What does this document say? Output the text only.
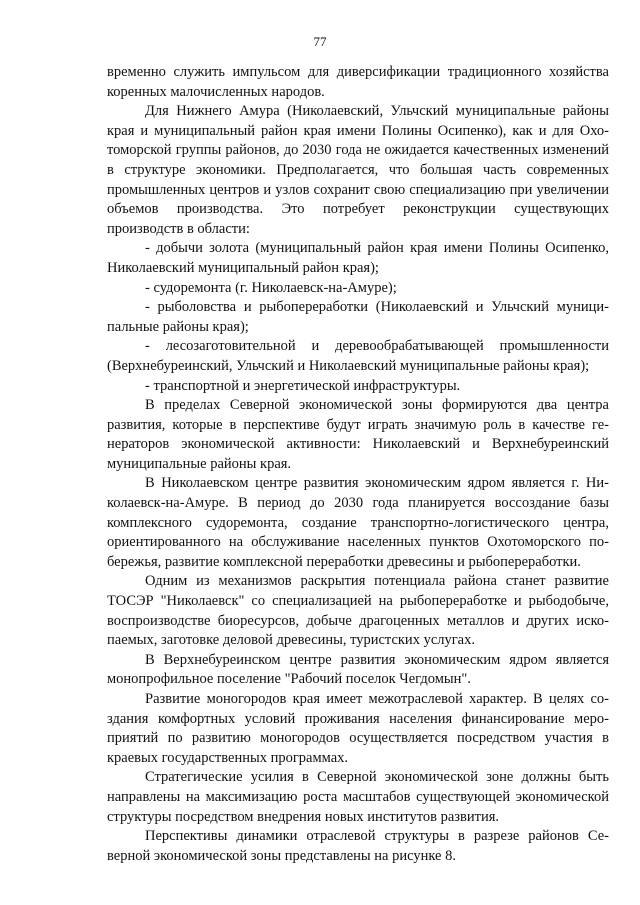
77

временно служить импульсом для диверсификации традиционного хозяйства коренных малочисленных народов.

Для Нижнего Амура (Николаевский, Ульчский муниципальные районы края и муниципальный район края имени Полины Осипенко), как и для Охотоморской группы районов, до 2030 года не ожидается качественных изменений в структуре экономики. Предполагается, что большая часть современных промышленных центров и узлов сохранит свою специализацию при увеличении объемов производства. Это потребует реконструкции существующих производств в области:

- добычи золота (муниципальный район края имени Полины Осипенко, Николаевский муниципальный район края);

- судоремонта (г. Николаевск-на-Амуре);

- рыболовства и рыбопереработки (Николаевский и Ульчский муниципальные районы края);

- лесозаготовительной и деревообрабатывающей промышленности (Верхнебуреинский, Ульчский и Николаевский муниципальные районы края);

- транспортной и энергетической инфраструктуры.

В пределах Северной экономической зоны формируются два центра развития, которые в перспективе будут играть значимую роль в качестве генераторов экономической активности: Николаевский и Верхнебуреинский муниципальные районы края.

В Николаевском центре развития экономическим ядром является г. Николаевск-на-Амуре. В период до 2030 года планируется воссоздание базы комплексного судоремонта, создание транспортно-логистического центра, ориентированного на обслуживание населенных пунктов Охотоморского побережья, развитие комплексной переработки древесины и рыбопереработки.

Одним из механизмов раскрытия потенциала района станет развитие ТОСЭР "Николаевск" со специализацией на рыбопереработке и рыбодобыче, воспроизводстве биоресурсов, добыче драгоценных металлов и других ископаемых, заготовке деловой древесины, туристских услугах.

В Верхнебуреинском центре развития экономическим ядром является монопрофильное поселение "Рабочий поселок Чегдомын".

Развитие моногородов края имеет межотраслевой характер. В целях создания комфортных условий проживания населения финансирование мероприятий по развитию моногородов осуществляется посредством участия в краевых государственных программах.

Стратегические усилия в Северной экономической зоне должны быть направлены на максимизацию роста масштабов существующей экономической структуры посредством внедрения новых институтов развития.

Перспективы динамики отраслевой структуры в разрезе районов Северной экономической зоны представлены на рисунке 8.
